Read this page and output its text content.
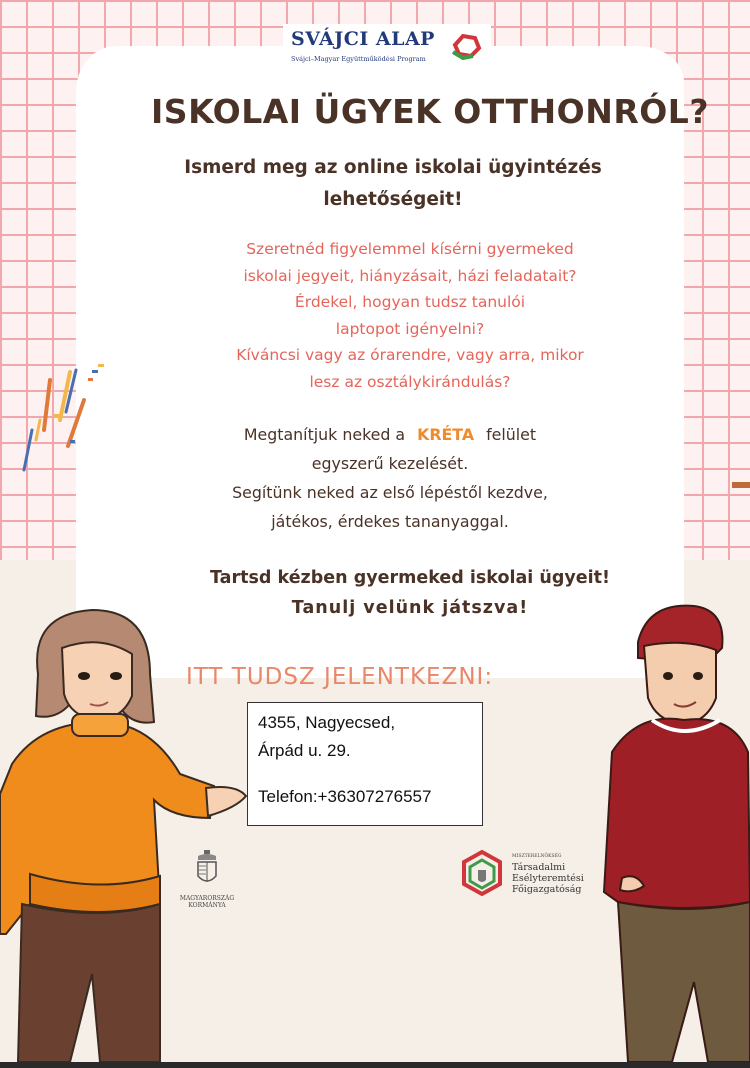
SVÁJCI ALAP
Svájci–Magyar Együttműködési Program
ISKOLAI ÜGYEK OTTHONRÓL?
Ismerd meg az online iskolai ügyintézés
lehetőségeit!
Szeretnéd figyelemmel kísérni gyermeked
iskolai jegyeit, hiányzásait, házi feladatait?
Érdekel, hogyan tudsz tanulói
laptopot igényelni?
Kíváncsi vagy az órarendre, vagy arra, mikor
lesz az osztálykirándulás?
Megtanítjuk neked a KRÉTA felület
egyszerű kezelését.
Segítünk neked az első lépéstől kezdve,
játékos, érdekes tananyaggal.
Tartsd kézben gyermeked iskolai ügyeit!
Tanulj velünk játszva!
ITT TUDSZ JELENTKEZNI:
4355, Nagyecsed,
Árpád u. 29.
Telefon:+36307276557
MAGYARORSZÁG
KORMÁNYA
MISZTERELNÖKSÉG
Társadalmi
Esélyteremtési
Főigazgatóság
